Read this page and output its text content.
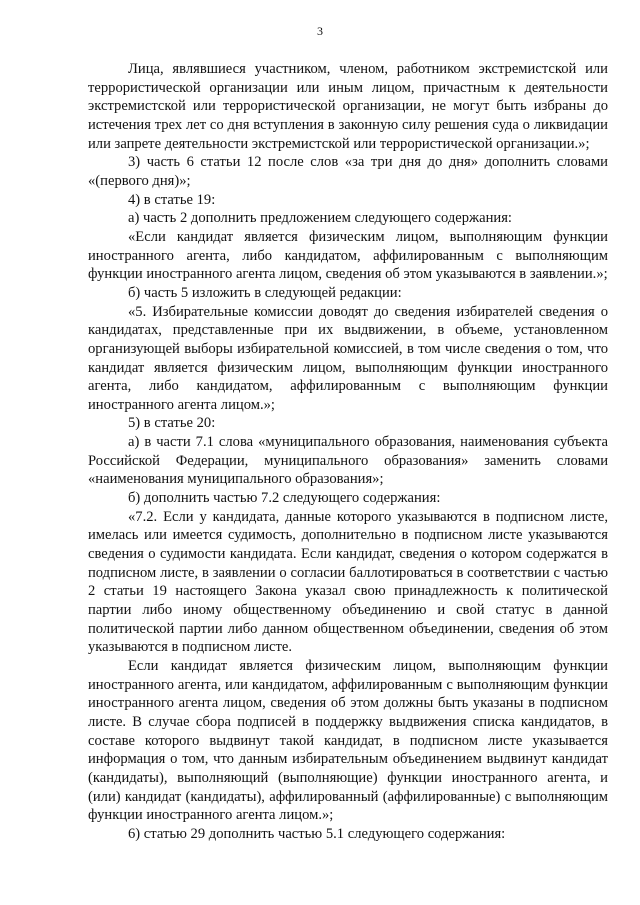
3

Лица, являвшиеся участником, членом, работником экстремистской или террористической организации или иным лицом, причастным к деятельности экстремистской или террористической организации, не могут быть избраны до истечения трех лет со дня вступления в законную силу решения суда о ликвидации или запрете деятельности экстремистской или террористической организации.»;

3) часть 6 статьи 12 после слов «за три дня до дня» дополнить словами «(первого дня)»;

4) в статье 19:

а) часть 2 дополнить предложением следующего содержания:

«Если кандидат является физическим лицом, выполняющим функции иностранного агента, либо кандидатом, аффилированным с выполняющим функции иностранного агента лицом, сведения об этом указываются в заявлении.»;

б) часть 5 изложить в следующей редакции:

«5. Избирательные комиссии доводят до сведения избирателей сведения о кандидатах, представленные при их выдвижении, в объеме, установленном организующей выборы избирательной комиссией, в том числе сведения о том, что кандидат является физическим лицом, выполняющим функции иностранного агента, либо кандидатом, аффилированным с выполняющим функции иностранного агента лицом.»;

5) в статье 20:

а) в части 7.1 слова «муниципального образования, наименования субъекта Российской Федерации, муниципального образования» заменить словами «наименования муниципального образования»;

б) дополнить частью 7.2 следующего содержания:

«7.2. Если у кандидата, данные которого указываются в подписном листе, имелась или имеется судимость, дополнительно в подписном листе указываются сведения о судимости кандидата. Если кандидат, сведения о котором содержатся в подписном листе, в заявлении о согласии баллотироваться в соответствии с частью 2 статьи 19 настоящего Закона указал свою принадлежность к политической партии либо иному общественному объединению и свой статус в данной политической партии либо данном общественном объединении, сведения об этом указываются в подписном листе.

Если кандидат является физическим лицом, выполняющим функции иностранного агента, или кандидатом, аффилированным с выполняющим функции иностранного агента лицом, сведения об этом должны быть указаны в подписном листе. В случае сбора подписей в поддержку выдвижения списка кандидатов, в составе которого выдвинут такой кандидат, в подписном листе указывается информация о том, что данным избирательным объединением выдвинут кандидат (кандидаты), выполняющий (выполняющие) функции иностранного агента, и (или) кандидат (кандидаты), аффилированный (аффилированные) с выполняющим функции иностранного агента лицом.»;

6) статью 29 дополнить частью 5.1 следующего содержания:
